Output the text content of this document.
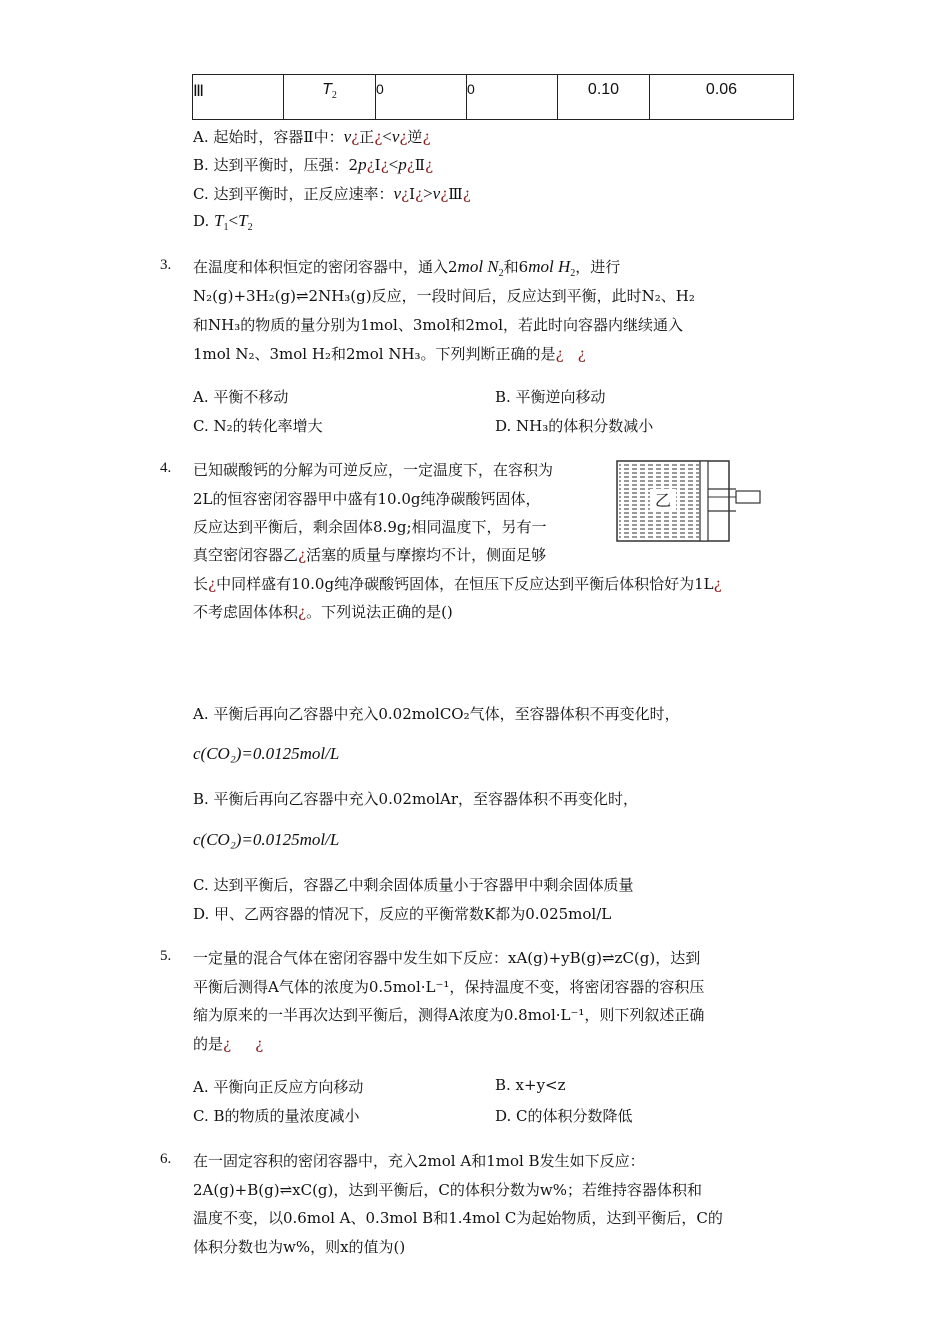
Ⅲ	$T_2$	0	0	0.10	0.06
A. 起始时，容器Ⅱ中：v¿正¿<v¿逆¿
B. 达到平衡时，压强：2p¿Ⅰ¿<p¿Ⅱ¿
C. 达到平衡时，正反应速率：v¿Ⅰ¿>v¿Ⅲ¿
D. $T_1<T_2$
3. 在温度和体积恒定的密闭容器中，通入2mol $N_2$和6mol $H_2$，进行
N₂(g)+3H₂(g)⇌2NH₃(g)反应，一段时间后，反应达到平衡，此时N₂、H₂
和NH₃的物质的量分别为1mol、3mol和2mol，若此时向容器内继续通入
1mol N₂、3mol H₂和2mol NH₃。下列判断正确的是¿ ¿
A. 平衡不移动	B. 平衡逆向移动
C. N₂的转化率增大	D. NH₃的体积分数减小
4. 已知碳酸钙的分解为可逆反应，一定温度下，在容积为
2L的恒容密闭容器甲中盛有10.0g纯净碳酸钙固体，
反应达到平衡后，剩余固体8.9g;相同温度下，另有一
真空密闭容器乙¿活塞的质量与摩擦均不计，侧面足够
长¿中同样盛有10.0g纯净碳酸钙固体，在恒压下反应达到平衡后体积恰好为1L¿
不考虑固体体积¿。下列说法正确的是()
乙
A. 平衡后再向乙容器中充入0.02molCO₂气体，至容器体积不再变化时，
c(CO₂)=0.0125mol/L
B. 平衡后再向乙容器中充入0.02molAr，至容器体积不再变化时，
c(CO₂)=0.0125mol/L
C. 达到平衡后，容器乙中剩余固体质量小于容器甲中剩余固体质量
D. 甲、乙两容器的情况下，反应的平衡常数K都为0.025mol/L
5. 一定量的混合气体在密闭容器中发生如下反应：xA(g)+yB(g)⇌zC(g)，达到
平衡后测得A气体的浓度为0.5mol·L⁻¹，保持温度不变，将密闭容器的容积压
缩为原来的一半再次达到平衡后，测得A浓度为0.8mol·L⁻¹，则下列叙述正确
的是¿ ¿
A. 平衡向正反应方向移动	B. x+y<z
C. B的物质的量浓度减小	D. C的体积分数降低
6. 在一固定容积的密闭容器中，充入2mol A和1mol B发生如下反应：
2A(g)+B(g)⇌xC(g)，达到平衡后，C的体积分数为w%；若维持容器体积和
温度不变，以0.6mol A、0.3mol B和1.4mol C为起始物质，达到平衡后，C的
体积分数也为w%，则x的值为()
